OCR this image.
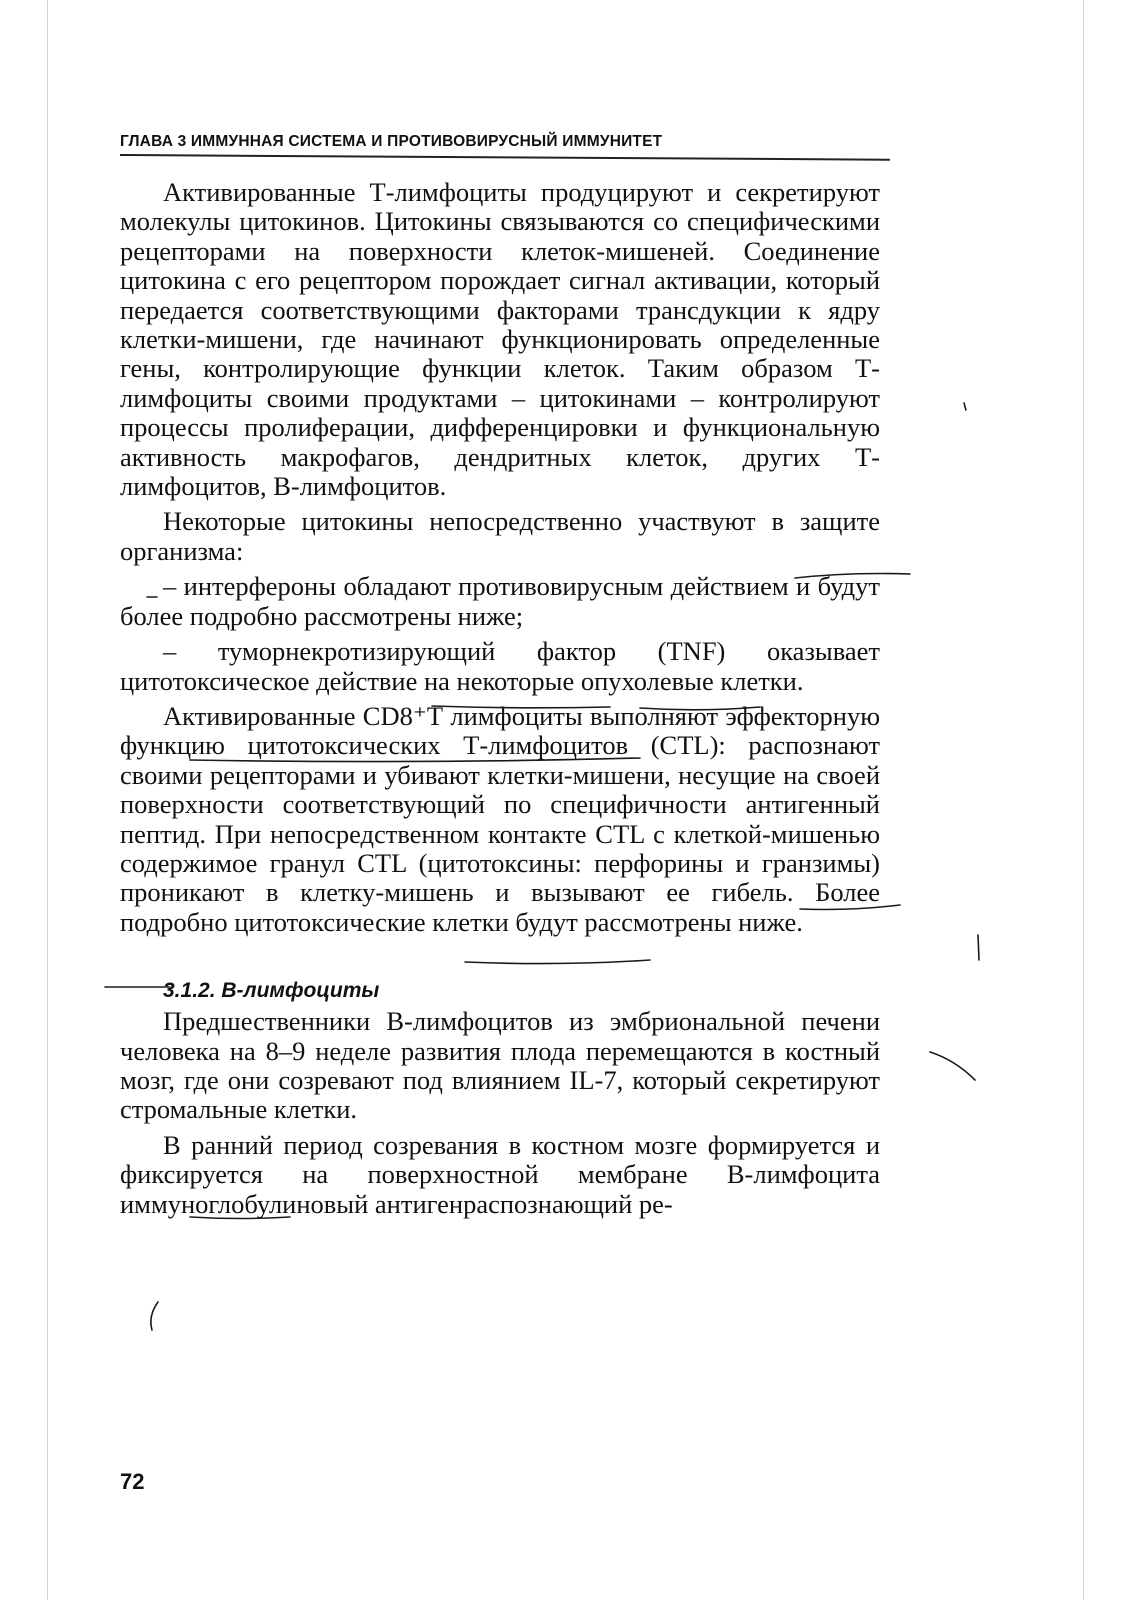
ГЛАВА 3 ИММУННАЯ СИСТЕМА И ПРОТИВОВИРУСНЫЙ ИММУНИТЕТ

Активированные Т-лимфоциты продуцируют и секретируют молекулы цитокинов. Цитокины связываются со специфическими рецепторами на поверхности клеток-мишеней. Соединение цитокина с его рецептором порождает сигнал активации, который передается соответствующими факторами трансдукции к ядру клетки-мишени, где начинают функционировать определенные гены, контролирующие функции клеток. Таким образом Т-лимфоциты своими продуктами – цитокинами – контролируют процессы пролиферации, дифференцировки и функциональную активность макрофагов, дендритных клеток, других Т-лимфоцитов, В-лимфоцитов.

Некоторые цитокины непосредственно участвуют в защите организма:

– интерфероны обладают противовирусным действием и будут более подробно рассмотрены ниже;

– туморнекротизирующий фактор (TNF) оказывает цитотоксическое действие на некоторые опухолевые клетки.

Активированные CD8⁺Т лимфоциты выполняют эффекторную функцию цитотоксических Т-лимфоцитов (CTL): распознают своими рецепторами и убивают клетки-мишени, несущие на своей поверхности соответствующий по специфичности антигенный пептид. При непосредственном контакте CTL с клеткой-мишенью содержимое гранул CTL (цитотоксины: перфорины и гранзимы) проникают в клетку-мишень и вызывают ее гибель. Более подробно цитотоксические клетки будут рассмотрены ниже.

3.1.2. В-лимфоциты

Предшественники В-лимфоцитов из эмбриональной печени человека на 8–9 неделе развития плода перемещаются в костный мозг, где они созревают под влиянием IL-7, который секретируют стромальные клетки.

В ранний период созревания в костном мозге формируется и фиксируется на поверхностной мембране В-лимфоцита иммуноглобулиновый антигенраспознающий ре-

72
